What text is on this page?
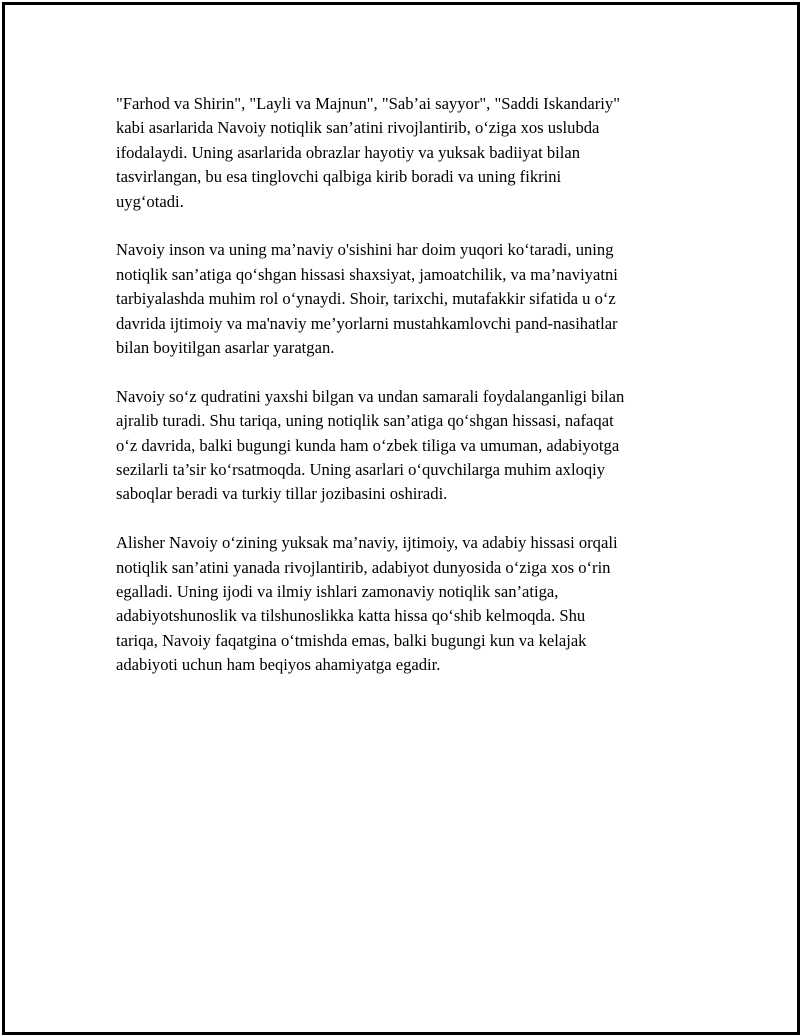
"Farhod va Shirin", "Layli va Majnun", "Sab’ai sayyor", "Saddi Iskandariy"
kabi asarlarida Navoiy notiqlik san’atini rivojlantirib, o‘ziga xos uslubda
ifodalaydi. Uning asarlarida obrazlar hayotiy va yuksak badiiyat bilan
tasvirlangan, bu esa tinglovchi qalbiga kirib boradi va uning fikrini
uyg‘otadi.

Navoiy inson va uning ma’naviy o'sishini har doim yuqori ko‘taradi, uning
notiqlik san’atiga qo‘shgan hissasi shaxsiyat, jamoatchilik, va ma’naviyatni
tarbiyalashda muhim rol o‘ynaydi. Shoir, tarixchi, mutafakkir sifatida u o‘z
davrida ijtimoiy va ma'naviy me’yorlarni mustahkamlovchi pand-nasihatlar
bilan boyitilgan asarlar yaratgan.

Navoiy so‘z qudratini yaxshi bilgan va undan samarali foydalanganligi bilan
ajralib turadi. Shu tariqa, uning notiqlik san’atiga qo‘shgan hissasi, nafaqat
o‘z davrida, balki bugungi kunda ham o‘zbek tiliga va umuman, adabiyotga
sezilarli ta’sir ko‘rsatmoqda. Uning asarlari o‘quvchilarga muhim axloqiy
saboqlar beradi va turkiy tillar jozibasini oshiradi.

Alisher Navoiy o‘zining yuksak ma’naviy, ijtimoiy, va adabiy hissasi orqali
notiqlik san’atini yanada rivojlantirib, adabiyot dunyosida o‘ziga xos o‘rin
egalladi. Uning ijodi va ilmiy ishlari zamonaviy notiqlik san’atiga,
adabiyotshunoslik va tilshunoslikka katta hissa qo‘shib kelmoqda. Shu
tariqa, Navoiy faqatgina o‘tmishda emas, balki bugungi kun va kelajak
adabiyoti uchun ham beqiyos ahamiyatga egadir.
